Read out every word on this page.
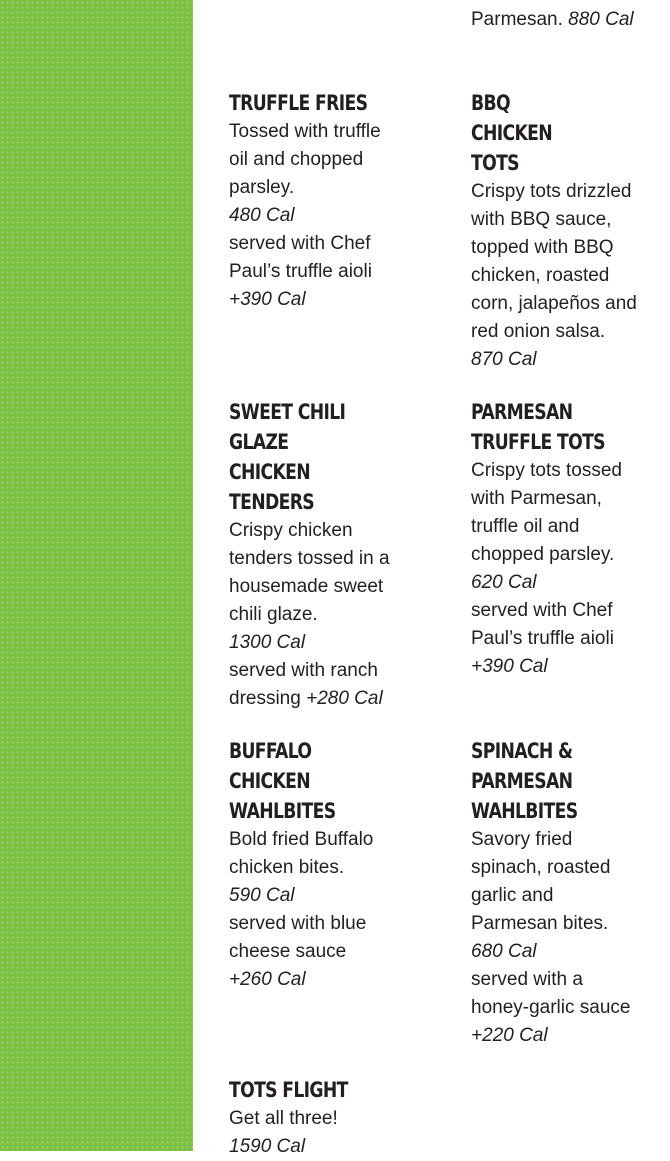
Parmesan. 880 Cal

TRUFFLE FRIES

Tossed with truffle oil and chopped parsley.
480 Cal
served with Chef Paul’s truffle aioli
+390 Cal

BBQ CHICKEN TOTS

Crispy tots drizzled with BBQ sauce, topped with BBQ chicken, roasted corn, jalapeños and red onion salsa. 870 Cal

SWEET CHILI GLAZE CHICKEN TENDERS

Crispy chicken tenders tossed in a housemade sweet chili glaze.
1300 Cal
served with ranch dressing +280 Cal

PARMESAN TRUFFLE TOTS

Crispy tots tossed with Parmesan, truffle oil and chopped parsley. 620 Cal
served with Chef Paul’s truffle aioli
+390 Cal

BUFFALO CHICKEN WAHLBITES

Bold fried Buffalo chicken bites.
590 Cal
served with blue cheese sauce
+260 Cal

SPINACH & PARMESAN WAHLBITES

Savory fried spinach, roasted garlic and Parmesan bites.
680 Cal
served with a honey-garlic sauce +220 Cal

TOTS FLIGHT

Get all three!
1590 Cal
